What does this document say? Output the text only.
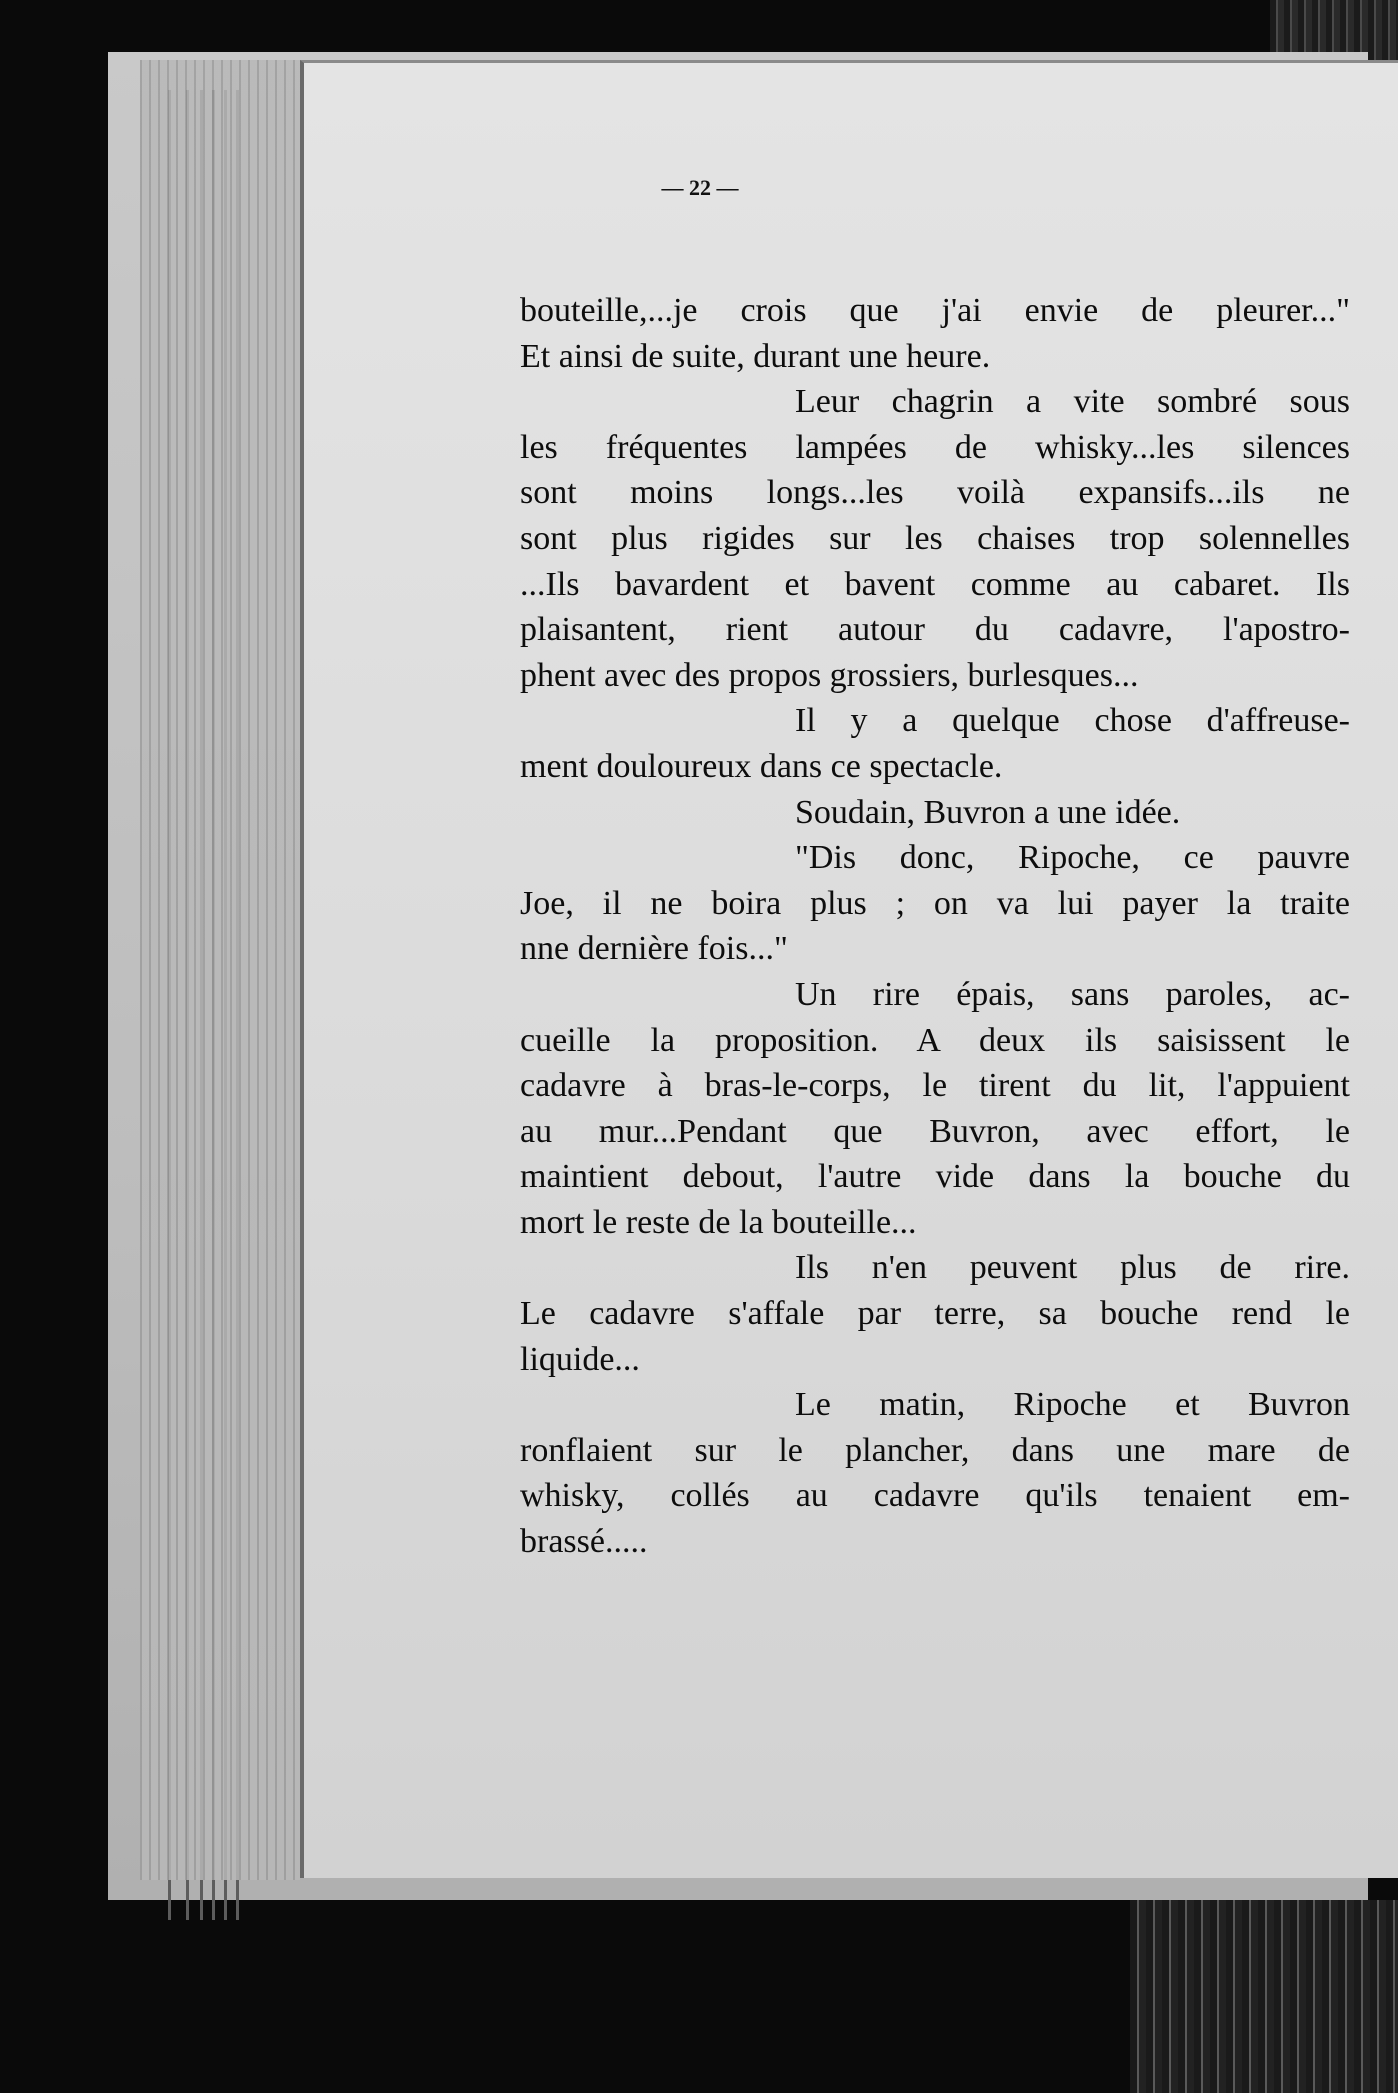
— 22 —
bouteille,...je crois que j'ai envie de pleurer..."
Et ainsi de suite, durant une heure.
Leur chagrin a vite sombré sous
les fréquentes lampées de whisky...les silences
sont moins longs...les voilà expansifs...ils ne
sont plus rigides sur les chaises trop solennelles
...Ils bavardent et bavent comme au cabaret. Ils
plaisantent, rient autour du cadavre, l'apostro-
phent avec des propos grossiers, burlesques...
Il y a quelque chose d'affreuse-
ment douloureux dans ce spectacle.
Soudain, Buvron a une idée.
"Dis donc, Ripoche, ce pauvre
Joe, il ne boira plus ; on va lui payer la traite
nne dernière fois..."
Un rire épais, sans paroles, ac-
cueille la proposition. A deux ils saisissent le
cadavre à bras-le-corps, le tirent du lit, l'appuient
au mur...Pendant que Buvron, avec effort, le
maintient debout, l'autre vide dans la bouche du
mort le reste de la bouteille...
Ils n'en peuvent plus de rire.
Le cadavre s'affale par terre, sa bouche rend le
liquide...
Le matin, Ripoche et Buvron
ronflaient sur le plancher, dans une mare de
whisky, collés au cadavre qu'ils tenaient em-
brassé.....
